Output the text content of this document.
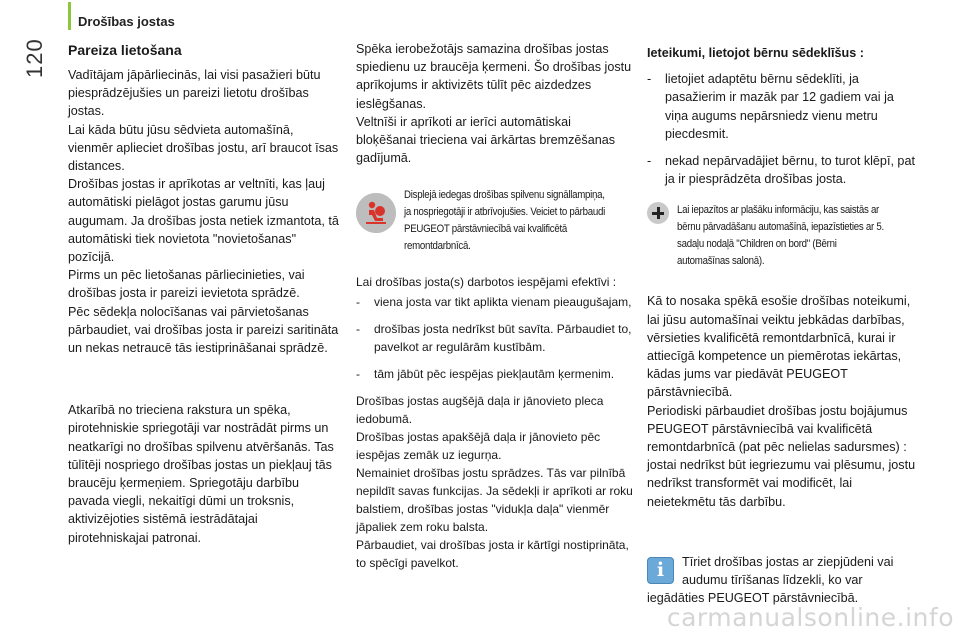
120
Drošības jostas
Pareiza lietošana

Vadītājam jāpārliecinās, lai visi pasažieri būtu piesprādzējušies un pareizi lietotu drošības jostas.

Lai kāda būtu jūsu sēdvieta automašīnā, vienmēr aplieciet drošības jostu, arī braucot īsas distances.

Drošības jostas ir aprīkotas ar veltnīti, kas ļauj automātiski pielāgot jostas garumu jūsu augumam. Ja drošības josta netiek izmantota, tā automātiski tiek novietota "novietošanas" pozīcijā.

Pirms un pēc lietošanas pārliecinieties, vai drošības josta ir pareizi ievietota sprādzē.

Pēc sēdekļa nolocīšanas vai pārvietošanas pārbaudiet, vai drošības josta ir pareizi saritināta un nekas netraucē tās iestiprināšanai sprādzē.

Atkarībā no trieciena rakstura un spēka, pirotehniskie spriegotāji var nostrādāt pirms un neatkarīgi no drošības spilvenu atvēršanās. Tas tūlītēji nospriego drošības jostas un piekļauj tās braucēju ķermeņiem. Spriegotāju darbību pavada viegli, nekaitīgi dūmi un troksnis, aktivizējoties sistēmā iestrādātajai pirotehniskajai patronai.

Spēka ierobežotājs samazina drošības jostas spiedienu uz braucēja ķermeni. Šo drošības jostu aprīkojums ir aktivizēts tūlīt pēc aizdedzes ieslēgšanas.

Veltnīši ir aprīkoti ar ierīci automātiskai bloķēšanai trieciena vai ārkārtas bremzēšanas gadījumā.

Displejā iedegas drošības spilvenu signāllampiņa, ja nospriegotāji ir atbrīvojušies. Veiciet to pārbaudi PEUGEOT pārstāvniecībā vai kvalificētā remontdarbnīcā.

Lai drošības josta(s) darbotos iespējami efektīvi :

- viena josta var tikt aplikta vienam pieaugušajam,
- drošības josta nedrīkst būt savīta. Pārbaudiet to, pavelkot ar regulārām kustībām.
- tām jābūt pēc iespējas piekļautām ķermenim.

Drošības jostas augšējā daļa ir jānovieto pleca iedobumā.

Drošības jostas apakšējā daļa ir jānovieto pēc iespējas zemāk uz iegurņa.

Nemainiet drošības jostu sprādzes. Tās var pilnībā nepildīt savas funkcijas. Ja sēdekļi ir aprīkoti ar roku balstiem, drošības jostas "vidukļa daļa" vienmēr jāpaliek zem roku balsta.

Pārbaudiet, vai drošības josta ir kārtīgi nostiprināta, to spēcīgi pavelkot.

Ieteikumi, lietojot bērnu sēdeklīšus :

- lietojiet adaptētu bērnu sēdeklīti, ja pasažierim ir mazāk par 12 gadiem vai ja viņa augums nepārsniedz vienu metru piecdesmit.
- nekad nepārvadājiet bērnu, to turot klēpī, pat ja ir piesprādzēta drošības josta.
Lai iepazītos ar plašāku informāciju, kas saistās ar bērnu pārvadāšanu automašīnā, iepazīstieties ar 5. sadaļu nodaļā "Children on bord" (Bērni automašīnas salonā).

Kā to nosaka spēkā esošie drošības noteikumi, lai jūsu automašīnai veiktu jebkādas darbības, vērsieties kvalificētā remontdarbnīcā, kurai ir attiecīgā kompetence un piemērotas iekārtas, kādas jums var piedāvāt PEUGEOT pārstāvniecībā.

Periodiski pārbaudiet drošības jostu bojājumus PEUGEOT pārstāvniecībā vai kvalificētā remontdarbnīcā (pat pēc nelielas sadursmes) : jostai nedrīkst būt iegriezumu vai plēsumu, jostu nedrīkst transformēt vai modificēt, lai neietekmētu tās darbību.

i	Tīriet drošības jostas ar ziepjūdeni vai audumu tīrīšanas līdzekli, ko var iegādāties PEUGEOT pārstāvniecībā.

carmanualsonline.info
